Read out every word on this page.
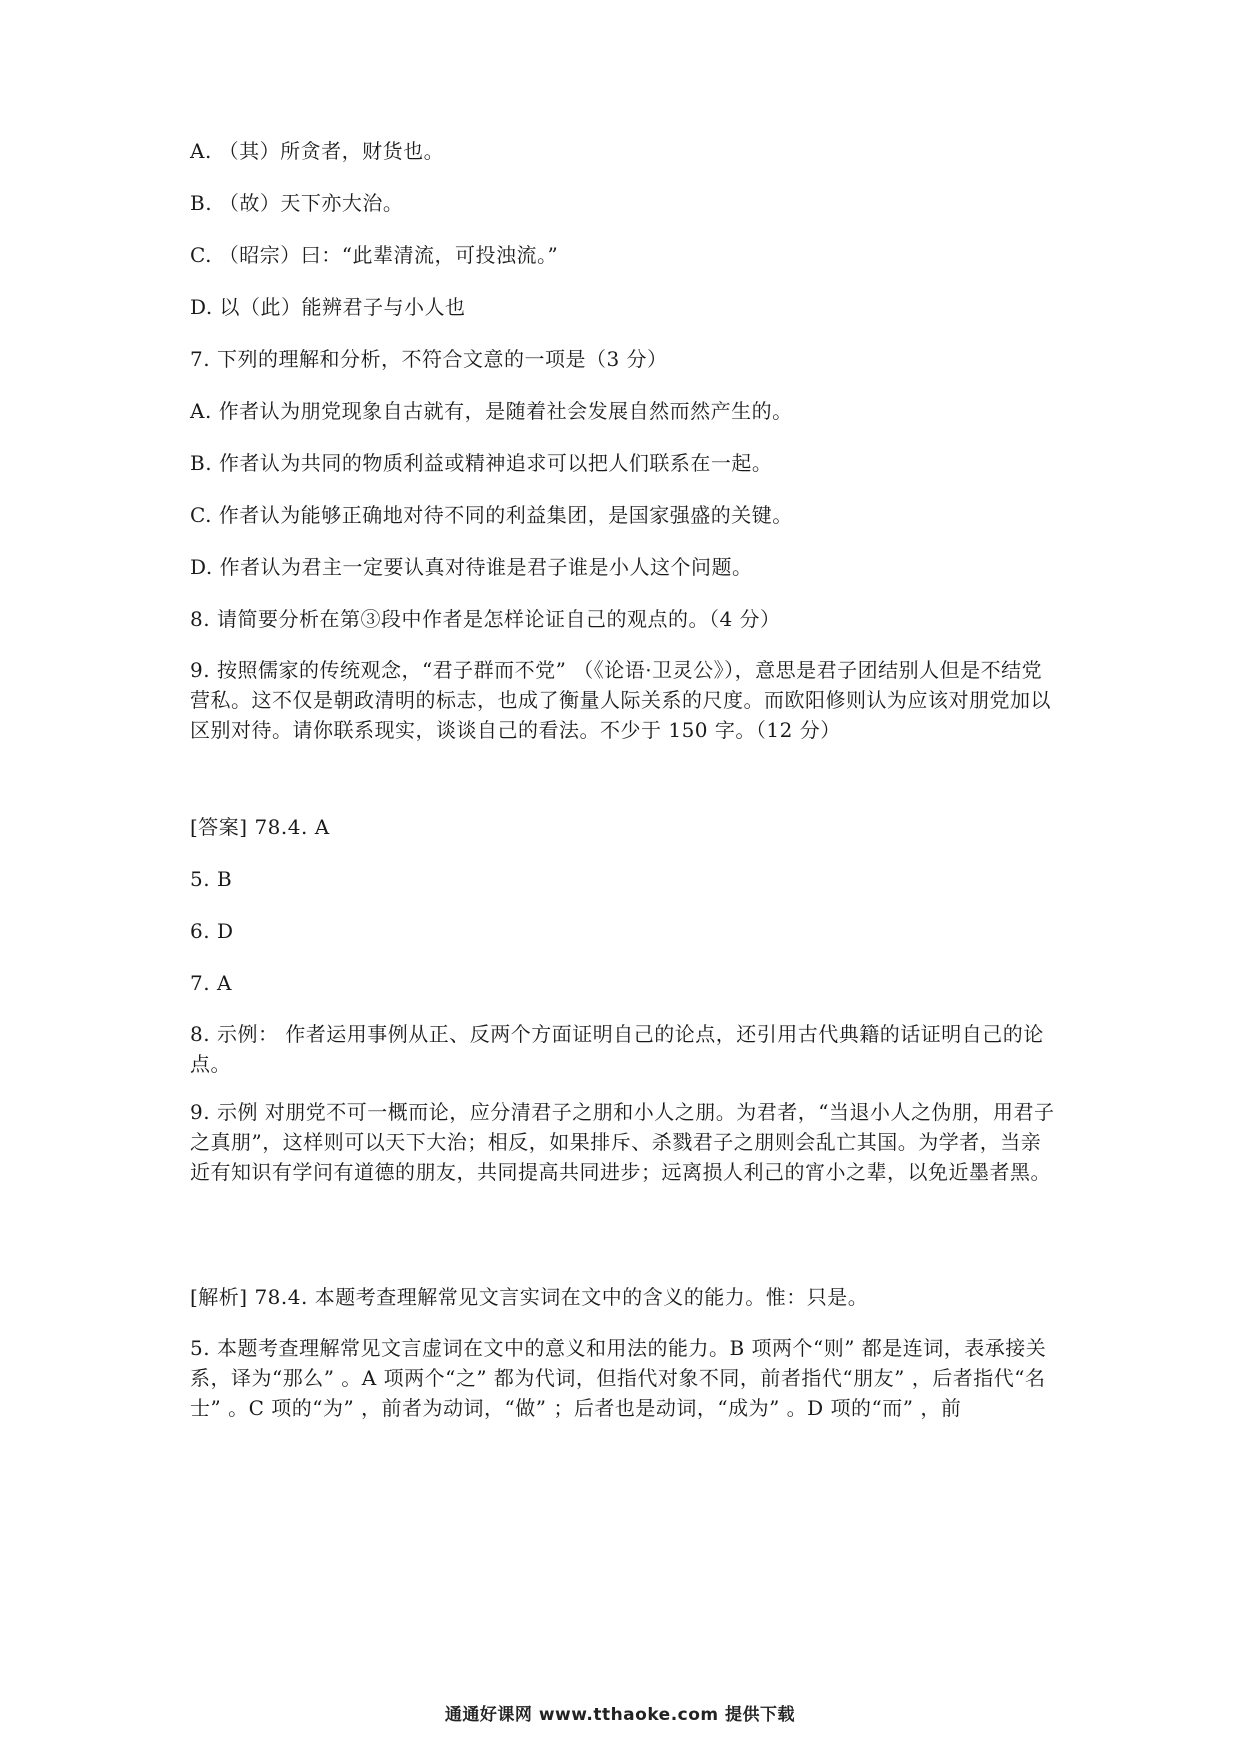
A. （其）所贪者，财货也。
B. （故）天下亦大治。
C. （昭宗）曰：“此辈清流，可投浊流。”
D. 以（此）能辨君子与小人也
7. 下列的理解和分析，不符合文意的一项是（3 分）
A. 作者认为朋党现象自古就有，是随着社会发展自然而然产生的。
B. 作者认为共同的物质利益或精神追求可以把人们联系在一起。
C. 作者认为能够正确地对待不同的利益集团，是国家强盛的关键。
D. 作者认为君主一定要认真对待谁是君子谁是小人这个问题。
8. 请简要分析在第③段中作者是怎样论证自己的观点的。（4 分）
9. 按照儒家的传统观念，“君子群而不党” （《论语·卫灵公》），意思是君子团结别人但是不结党营私。这不仅是朝政清明的标志，也成了衡量人际关系的尺度。而欧阳修则认为应该对朋党加以区别对待。请你联系现实，谈谈自己的看法。不少于 150 字。（12 分）
[答案] 78.4. A
5. B
6. D
7. A
8. 示例： 作者运用事例从正、反两个方面证明自己的论点，还引用古代典籍的话证明自己的论点。
9. 示例 对朋党不可一概而论，应分清君子之朋和小人之朋。为君者，“当退小人之伪朋，用君子之真朋”，这样则可以天下大治；相反，如果排斥、杀戮君子之朋则会乱亡其国。为学者，当亲近有知识有学问有道德的朋友，共同提高共同进步；远离损人利己的宵小之辈，以免近墨者黑。
[解析] 78.4. 本题考查理解常见文言实词在文中的含义的能力。惟：只是。
5. 本题考查理解常见文言虚词在文中的意义和用法的能力。B 项两个“则” 都是连词，表承接关系，译为“那么” 。A 项两个“之” 都为代词，但指代对象不同，前者指代“朋友” ，后者指代“名士” 。C 项的“为” ，前者为动词，“做” ；后者也是动词，“成为” 。D 项的“而” ，前
通通好课网 www.tthaoke.com 提供下载
